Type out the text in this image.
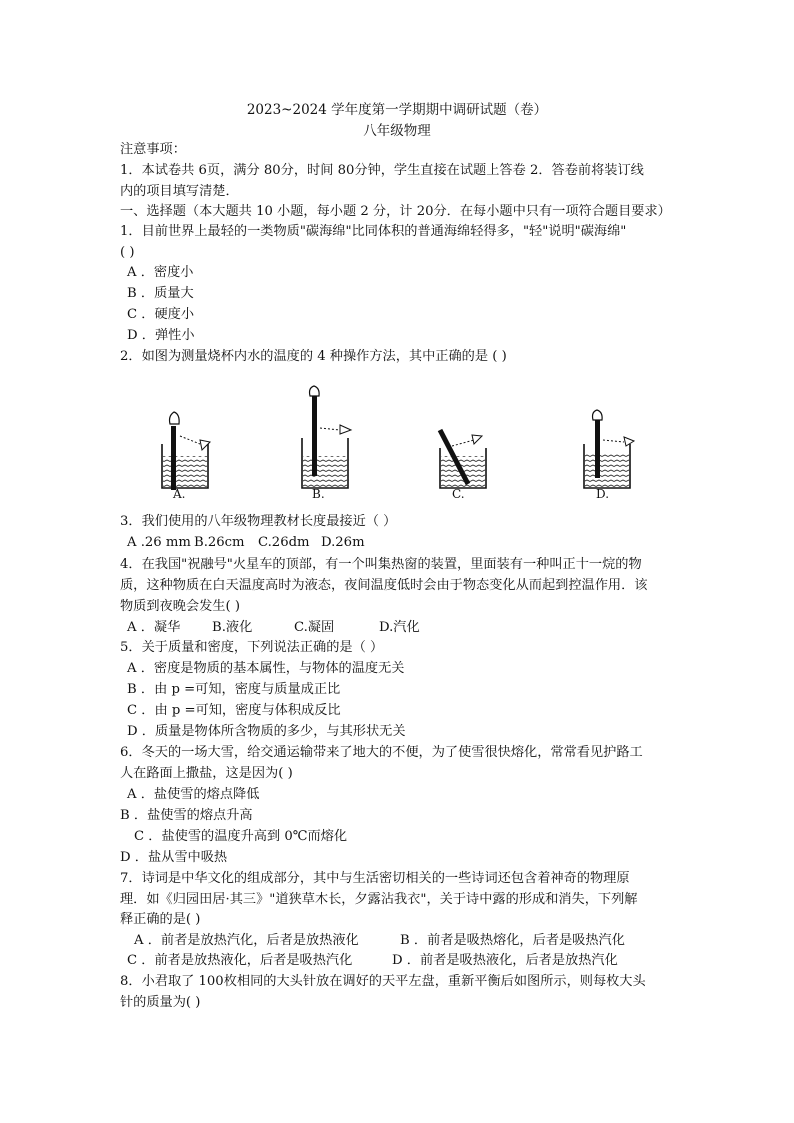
2023~2024 学年度第一学期期中调研试题（卷）
八年级物理
注意事项：
1．本试卷共 6页，满分 80分，时间 80分钟，学生直接在试题上答卷 2．答卷前将装订线
内的项目填写清楚．
一、选择题（本大题共 10 小题，每小题 2 分，计 20分．在每小题中只有一项符合题目要求）
1．目前世界上最轻的一类物质"碳海绵"比同体积的普通海绵轻得多，"轻"说明"碳海绵"
( )
A ．密度小
B ．质量大
C ．硬度小
D ．弹性小
2．如图为测量烧杯内水的温度的 4 种操作方法，其中正确的是 ( )
A.	B.	C.	D.
3．我们使用的八年级物理教材长度最接近（ ）
A .26 mm B.26cm C.26dm D.26m
4．在我国"祝融号"火星车的顶部，有一个叫集热窗的装置，里面装有一种叫正十一烷的物
质，这种物质在白天温度高时为液态，夜间温度低时会由于物态变化从而起到控温作用．该
物质到夜晚会发生( )
A ．凝华 B.液化	C.凝固	D.汽化
5．关于质量和密度，下列说法正确的是（ ）
A ．密度是物质的基本属性，与物体的温度无关
B ．由 p =可知，密度与质量成正比
C ．由 p =可知，密度与体积成反比
D ．质量是物体所含物质的多少，与其形状无关
6．冬天的一场大雪，给交通运输带来了地大的不便，为了使雪很快熔化，常常看见护路工
人在路面上撒盐，这是因为( )
A ．盐使雪的熔点降低
B ．盐使雪的熔点升高
C ．盐使雪的温度升高到 0℃而熔化
D ．盐从雪中吸热
7．诗词是中华文化的组成部分，其中与生活密切相关的一些诗词还包含着神奇的物理原
理．如《归园田居·其三》"道狭草木长，夕露沾我衣"，关于诗中露的形成和消失，下列解
释正确的是( )
A ．前者是放热汽化，后者是放热液化	B ．前者是吸热熔化，后者是吸热汽化
C ．前者是放热液化，后者是吸热汽化	D ．前者是吸热液化，后者是放热汽化
8．小君取了 100枚相同的大头针放在调好的天平左盘，重新平衡后如图所示，则每枚大头
针的质量为( )
